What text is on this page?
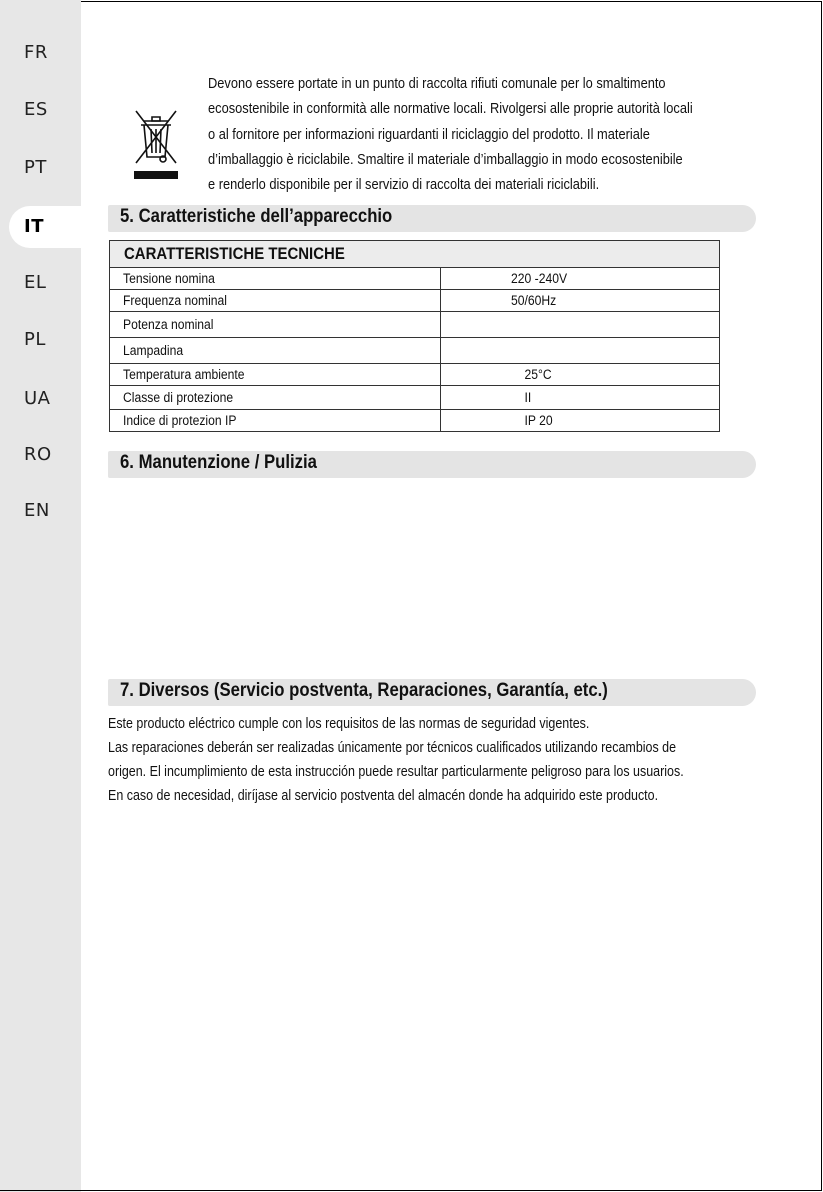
FR
ES
PT
IT
EL
PL
UA
RO
EN
Devono essere portate in un punto di raccolta rifiuti comunale per lo smaltimento
ecosostenibile in conformità alle normative locali. Rivolgersi alle proprie autorità locali
o al fornitore per informazioni riguardanti il riciclaggio del prodotto. Il materiale
d’imballaggio è riciclabile. Smaltire il materiale d’imballaggio in modo ecosostenibile
e renderlo disponibile per il servizio di raccolta dei materiali riciclabili.
5. Caratteristiche dell’apparecchio
CARATTERISTICHE TECNICHE	
Tensione nomina	220 -240V
Frequenza nominal	50/60Hz
Potenza nominal	
Lampadina	
Temperatura ambiente	25°C
Classe di protezione	II
Indice di protezion IP	IP 20
6. Manutenzione / Pulizia
7. Diversos (Servicio postventa, Reparaciones, Garantía, etc.)

Este producto eléctrico cumple con los requisitos de las normas de seguridad vigentes.

Las reparaciones deberán ser realizadas únicamente por técnicos cualificados utilizando recambios de

origen. El incumplimiento de esta instrucción puede resultar particularmente peligroso para los usuarios.

En caso de necesidad, diríjase al servicio postventa del almacén donde ha adquirido este producto.
